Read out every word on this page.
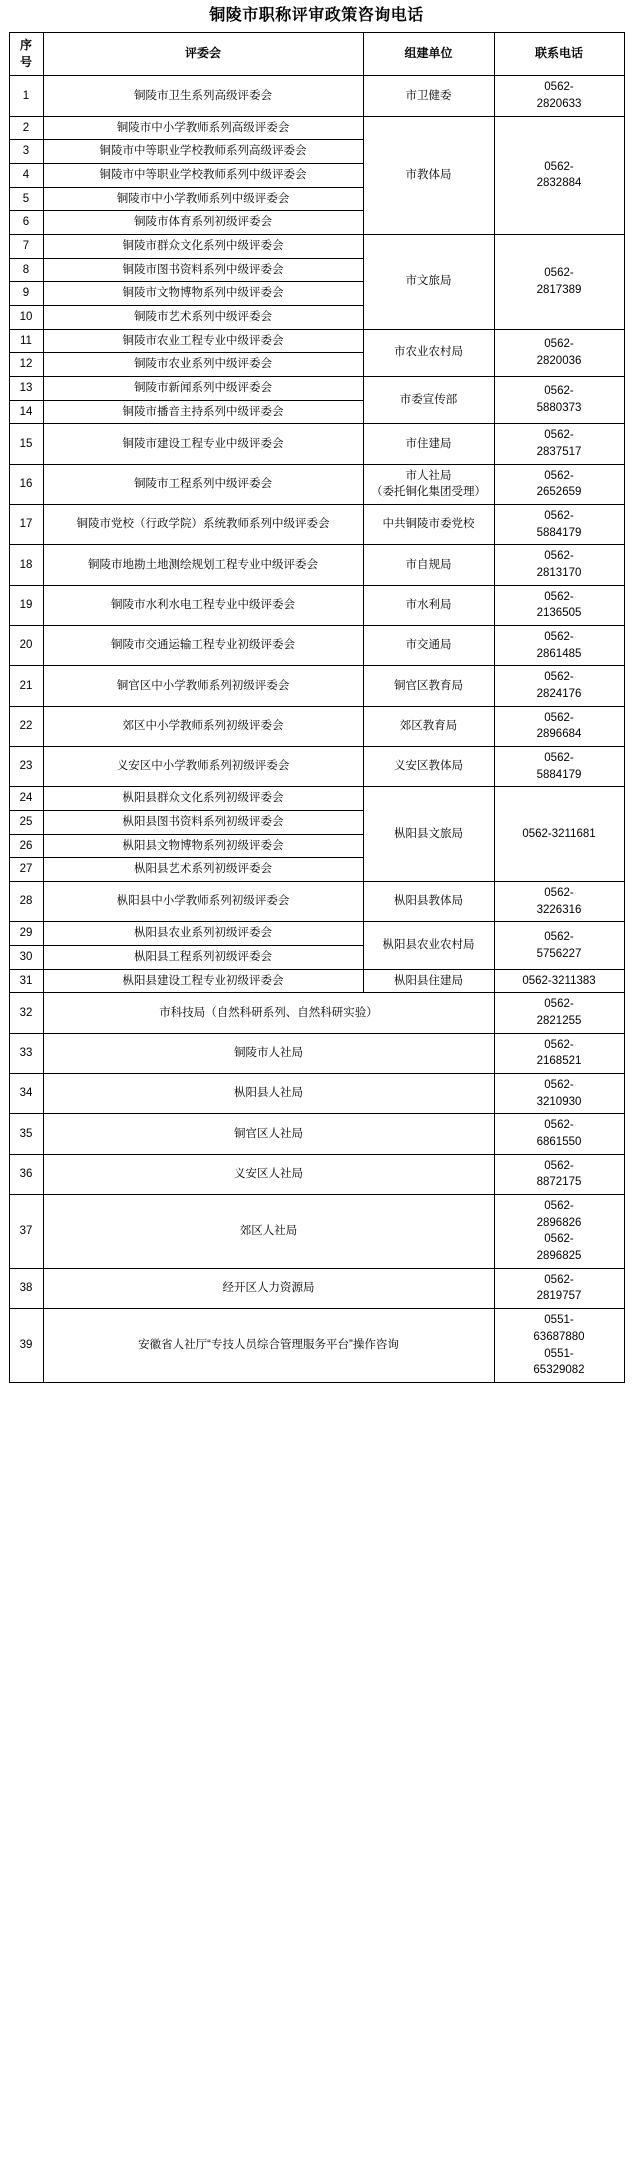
铜陵市职称评审政策咨询电话
序
号	评委会	组建单位	联系电话
1	铜陵市卫生系列高级评委会	市卫健委	0562-
2820633

2	铜陵市中小学教师系列高级评委会	市教体局	0562-
2832884

3	铜陵市中等职业学校教师系列高级评委会		
4	铜陵市中等职业学校教师系列中级评委会		
5	铜陵市中小学教师系列中级评委会		
6	铜陵市体育系列初级评委会		
7	铜陵市群众文化系列中级评委会	市文旅局	0562-
2817389

8	铜陵市图书资料系列中级评委会		
9	铜陵市文物博物系列中级评委会		
10	铜陵市艺术系列中级评委会		
11	铜陵市农业工程专业中级评委会	市农业农村局	0562-
2820036

12	铜陵市农业系列中级评委会		
13	铜陵市新闻系列中级评委会	市委宣传部	0562-
5880373

14	铜陵市播音主持系列中级评委会		
15	铜陵市建设工程专业中级评委会	市住建局	0562-
2837517

16	铜陵市工程系列中级评委会	市人社局
（委托铜化集团受理）	0562-
2652659

17	铜陵市党校（行政学院）系统教师系列中级评委会	中共铜陵市委党校	0562-
5884179

18	铜陵市地勘土地测绘规划工程专业中级评委会	市自规局	0562-
2813170

19	铜陵市水利水电工程专业中级评委会	市水利局	0562-
2136505

20	铜陵市交通运输工程专业初级评委会	市交通局	0562-
2861485

21	铜官区中小学教师系列初级评委会	铜官区教育局	0562-
2824176

22	郊区中小学教师系列初级评委会	郊区教育局	0562-
2896684

23	义安区中小学教师系列初级评委会	义安区教体局	0562-
5884179

24	枞阳县群众文化系列初级评委会	枞阳县文旅局	0562-3211681

25	枞阳县图书资料系列初级评委会		
26	枞阳县文物博物系列初级评委会		
27	枞阳县艺术系列初级评委会		
28	枞阳县中小学教师系列初级评委会	枞阳县教体局	0562-
3226316

29	枞阳县农业系列初级评委会	枞阳县农业农村局	0562-
5756227

30	枞阳县工程系列初级评委会		
31	枞阳县建设工程专业初级评委会	枞阳县住建局	0562-3211383

32	市科技局（自然科研系列、自然科研实验）		0562-
2821255

33	铜陵市人社局		0562-
2168521

34	枞阳县人社局		0562-
3210930

35	铜官区人社局		0562-
6861550

36	义安区人社局		0562-
8872175

37	郊区人社局		0562-
2896826
0562-
2896825

38	经开区人力资源局		0562-
2819757

39	安徽省人社厅“专技人员综合管理服务平台”操作咨询		0551-
63687880
0551-
65329082
